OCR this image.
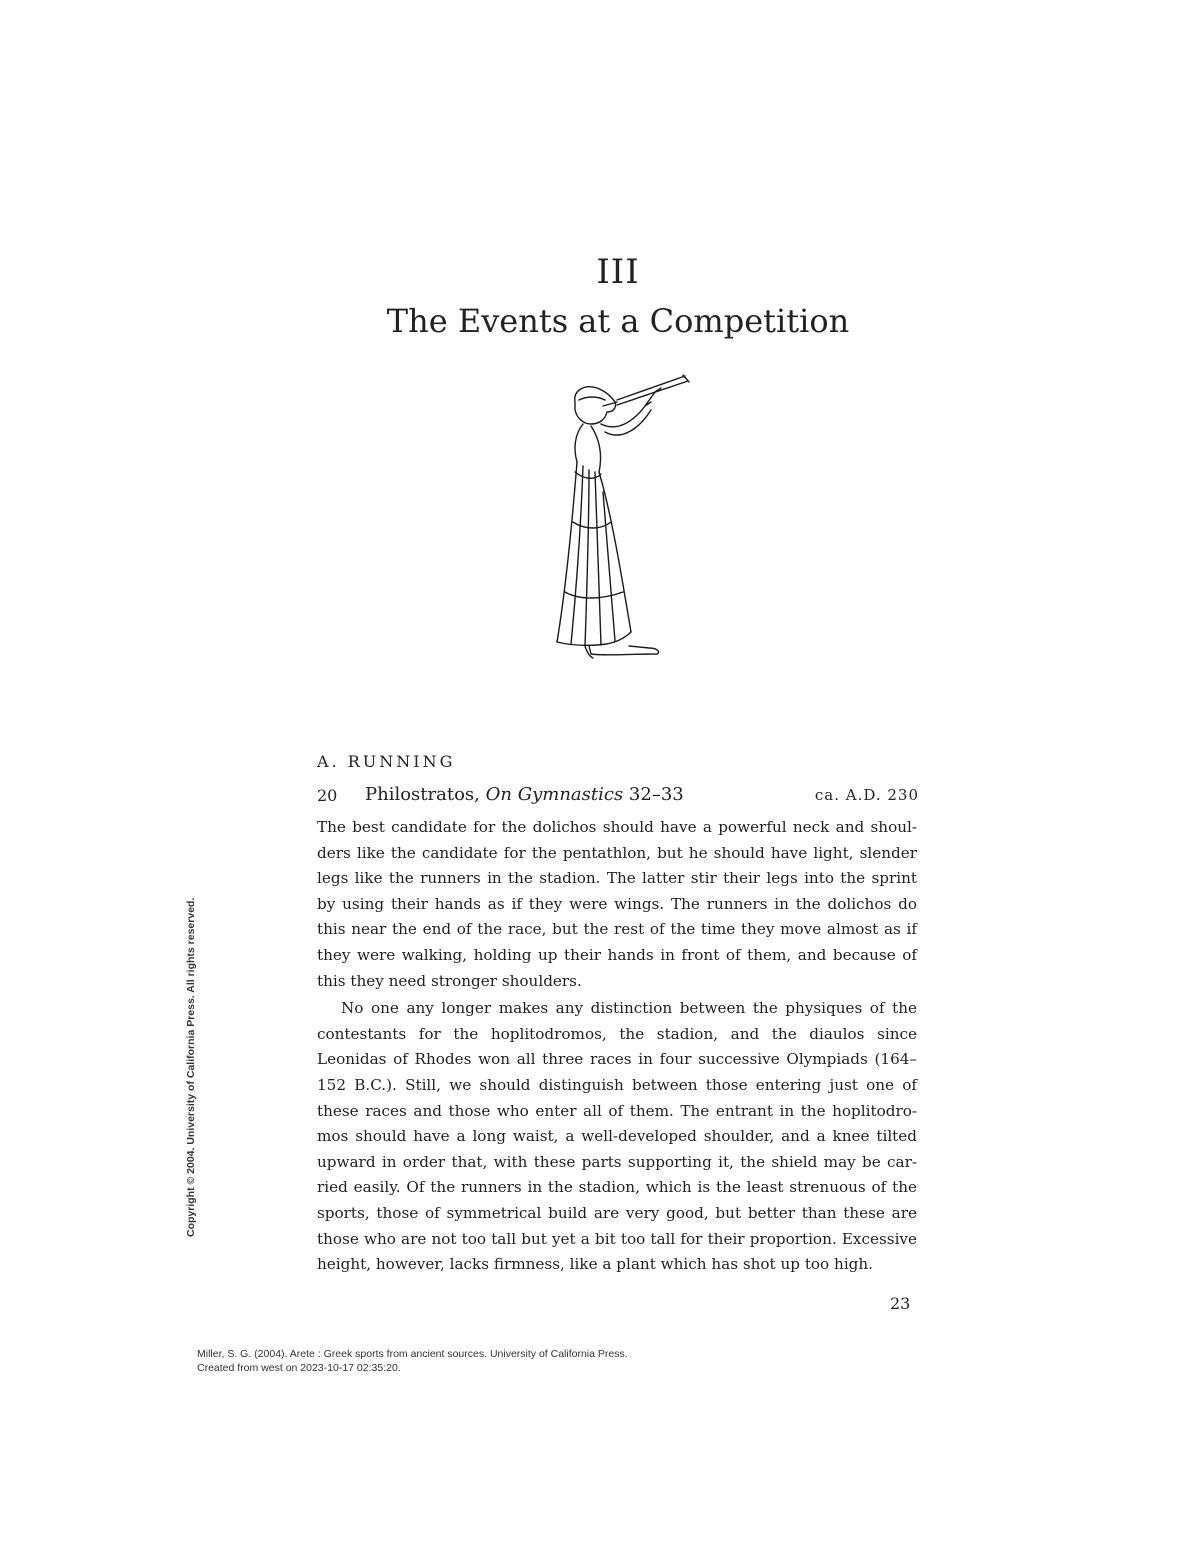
III
The Events at a Competition
A. RUNNING
20 Philostratos, On Gymnastics 32–33	ca. A.D. 230

The best candidate for the dolichos should have a powerful neck and shoul-
ders like the candidate for the pentathlon, but he should have light, slender
legs like the runners in the stadion. The latter stir their legs into the sprint
by using their hands as if they were wings. The runners in the dolichos do
this near the end of the race, but the rest of the time they move almost as if
they were walking, holding up their hands in front of them, and because of
this they need stronger shoulders.

No one any longer makes any distinction between the physiques of the
contestants for the hoplitodromos, the stadion, and the diaulos since
Leonidas of Rhodes won all three races in four successive Olympiads (164–
152 B.C.). Still, we should distinguish between those entering just one of
these races and those who enter all of them. The entrant in the hoplitodro-
mos should have a long waist, a well-developed shoulder, and a knee tilted
upward in order that, with these parts supporting it, the shield may be car-
ried easily. Of the runners in the stadion, which is the least strenuous of the
sports, those of symmetrical build are very good, but better than these are
those who are not too tall but yet a bit too tall for their proportion. Excessive
height, however, lacks firmness, like a plant which has shot up too high.

23
Copyright © 2004. University of California Press. All rights reserved.
Miller, S. G. (2004). Arete : Greek sports from ancient sources. University of California Press.
Created from west on 2023-10-17 02:35:20.
